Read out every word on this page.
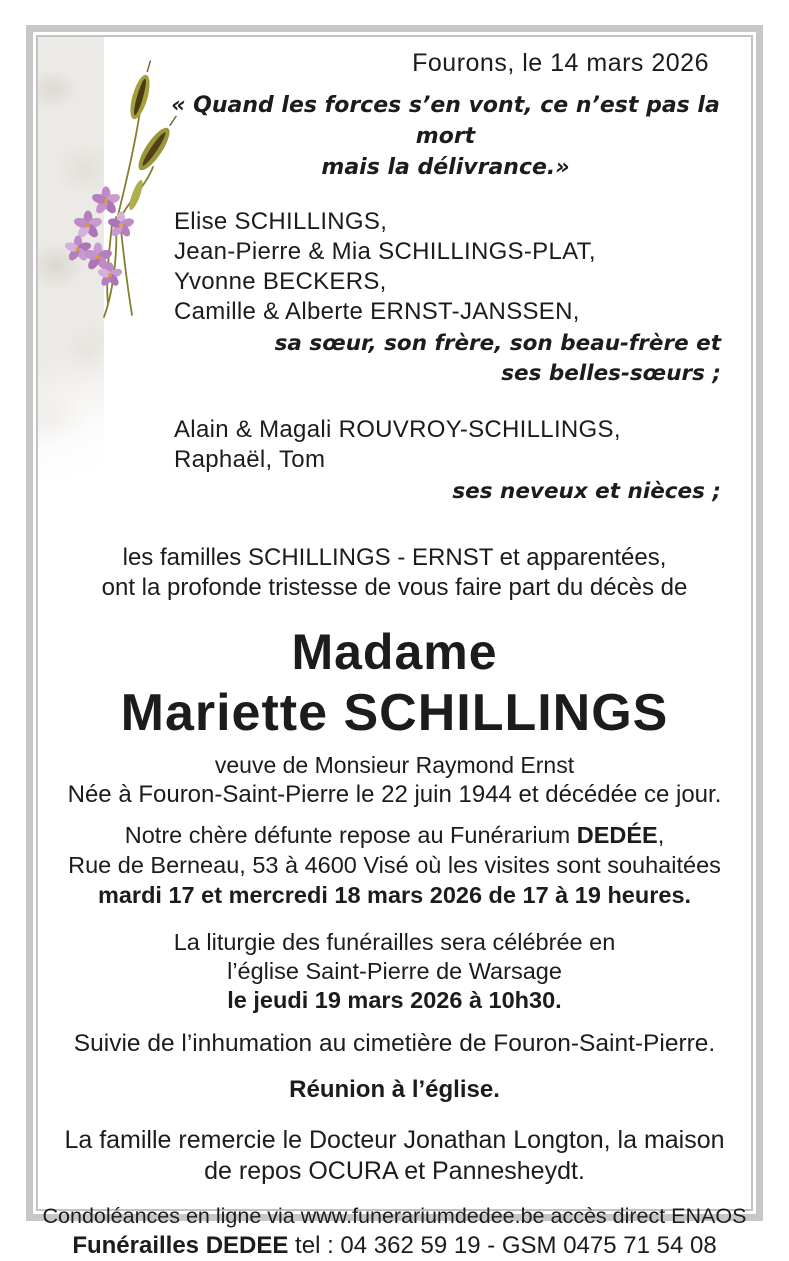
Fourons, le 14 mars 2026
« Quand les forces s’en vont, ce n’est pas la mort
mais la délivrance.»
Elise SCHILLINGS,
Jean-Pierre & Mia SCHILLINGS-PLAT,
Yvonne BECKERS,
Camille & Alberte ERNST-JANSSEN,
sa sœur, son frère, son beau-frère et
ses belles-sœurs ;
Alain & Magali ROUVROY-SCHILLINGS,
Raphaël, Tom
ses neveux et nièces ;
les familles SCHILLINGS - ERNST et apparentées,
ont la profonde tristesse de vous faire part du décès de
Madame
Mariette SCHILLINGS
veuve de Monsieur Raymond Ernst
Née à Fouron-Saint-Pierre le 22 juin 1944 et décédée ce jour.
Notre chère défunte repose au Funérarium DEDÉE,
Rue de Berneau, 53 à 4600 Visé où les visites sont souhaitées
mardi 17 et mercredi 18 mars 2026 de 17 à 19 heures.
La liturgie des funérailles sera célébrée en
l’église Saint-Pierre de Warsage
le jeudi 19 mars 2026 à 10h30.
Suivie de l’inhumation au cimetière de Fouron-Saint-Pierre.
Réunion à l’église.
La famille remercie le Docteur Jonathan Longton, la maison
de repos OCURA et Pannesheydt.
Condoléances en ligne via www.funerariumdedee.be accès direct ENAOS
Funérailles DEDEE tel : 04 362 59 19 - GSM 0475 71 54 08
